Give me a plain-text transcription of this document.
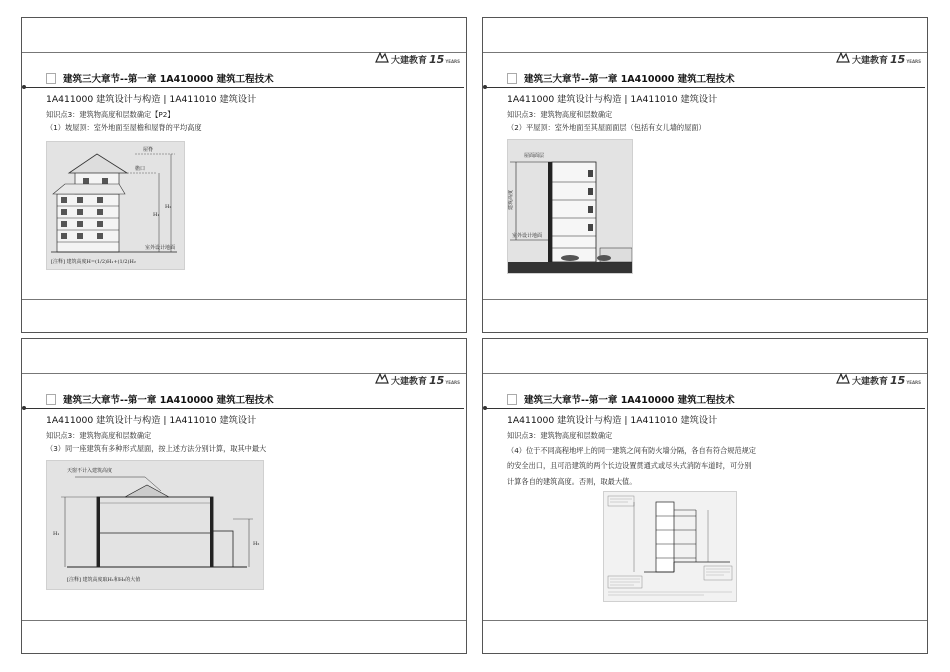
大建教育 15 YEARS
建筑三大章节--第一章 1A410000 建筑工程技术
1A411000 建筑设计与构造 | 1A411010 建筑设计
知识点3：建筑物高度和层数确定【P2】
（1）坡屋顶：室外地面至屋檐和屋脊的平均高度
屋脊
檐口
室外设计地面
H₁
H₂
[注释] 建筑高度H=(1/2)H₁+(1/2)H₂
大建教育 15 YEARS
建筑三大章节--第一章 1A410000 建筑工程技术
1A411000 建筑设计与构造 | 1A411010 建筑设计
知识点3：建筑物高度和层数确定
（2）平屋顶：室外地面至其屋面面层（包括有女儿墙的屋面）
屋面面层
建筑高度
室外设计地面
大建教育 15 YEARS
建筑三大章节--第一章 1A410000 建筑工程技术
1A411000 建筑设计与构造 | 1A411010 建筑设计
知识点3：建筑物高度和层数确定
（3）同一座建筑有多种形式屋面，按上述方法分别计算，取其中最大
天窗不计入建筑高度
H₁
H₂
[注释] 建筑高度取H₁和H₂的大值
大建教育 15 YEARS
建筑三大章节--第一章 1A410000 建筑工程技术
1A411000 建筑设计与构造 | 1A411010 建筑设计
知识点3：建筑物高度和层数确定
（4）位于不同高程地坪上的同一建筑之间有防火墙分隔，各自有符合规范规定
的安全出口，且可沿建筑的两个长边设置贯通式或尽头式消防车道时，可分别
计算各自的建筑高度。否则，取最大值。
